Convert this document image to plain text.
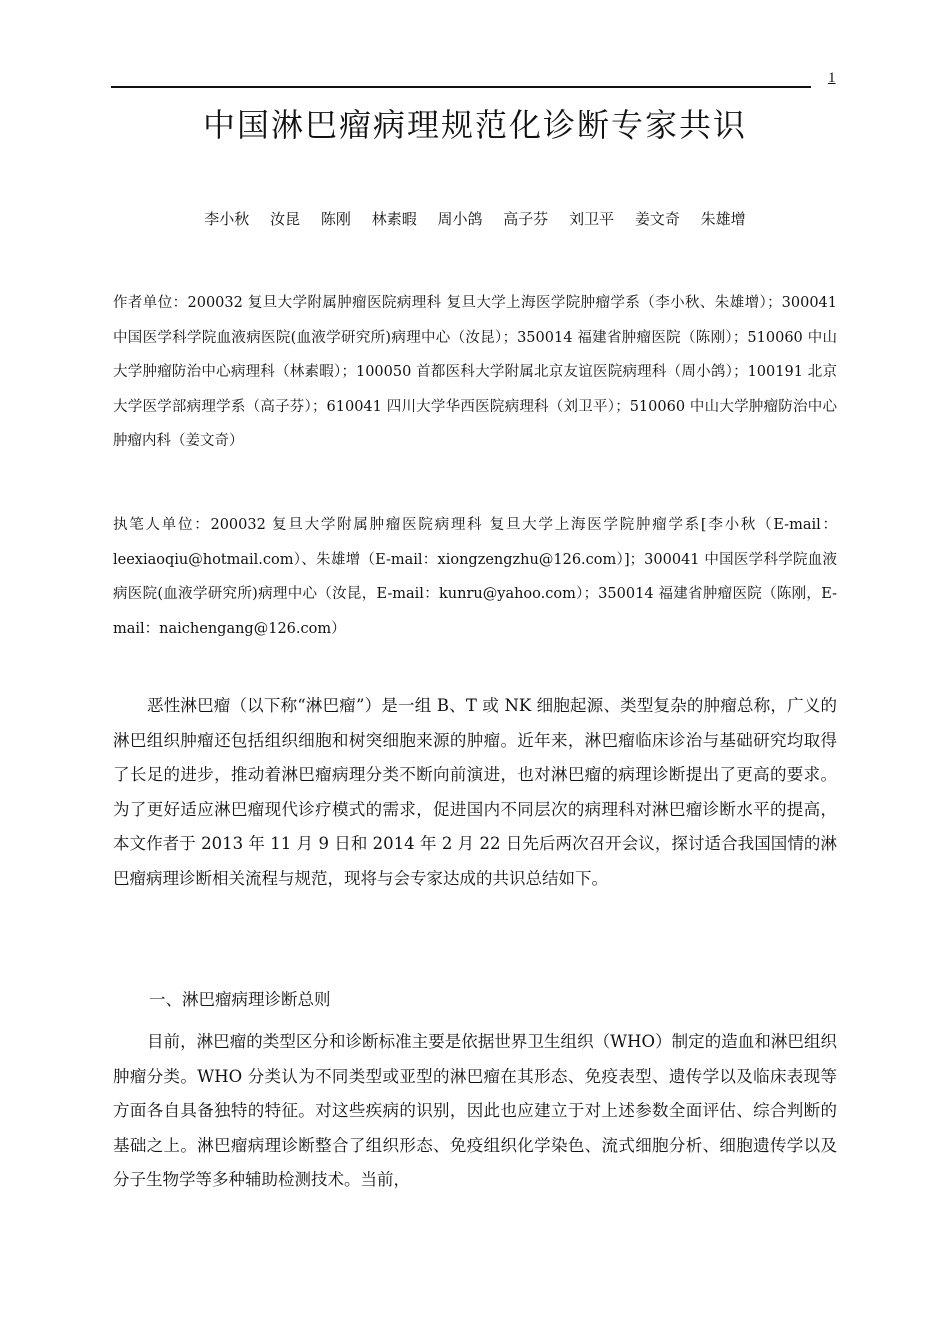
1
中国淋巴瘤病理规范化诊断专家共识
李小秋 汝昆 陈刚 林素暇 周小鸽 高子芬 刘卫平 姜文奇 朱雄增

作者单位：200032 复旦大学附属肿瘤医院病理科 复旦大学上海医学院肿瘤学系（李小秋、朱雄增）；300041 中国医学科学院血液病医院(血液学研究所)病理中心（汝昆）；350014 福建省肿瘤医院（陈刚）；510060 中山大学肿瘤防治中心病理科（林素暇）；100050 首都医科大学附属北京友谊医院病理科（周小鸽）；100191 北京大学医学部病理学系（高子芬）；610041 四川大学华西医院病理科（刘卫平）；510060 中山大学肿瘤防治中心肿瘤内科（姜文奇）

执笔人单位：200032 复旦大学附属肿瘤医院病理科 复旦大学上海医学院肿瘤学系[李小秋（E-mail：leexiaoqiu@hotmail.com）、朱雄增（E-mail：xiongzengzhu@126.com）]；300041 中国医学科学院血液病医院(血液学研究所)病理中心（汝昆，E-mail：kunru@yahoo.com）；350014 福建省肿瘤医院（陈刚，E-mail：naichengang@126.com）

恶性淋巴瘤（以下称“淋巴瘤”）是一组 B、T 或 NK 细胞起源、类型复杂的肿瘤总称，广义的淋巴组织肿瘤还包括组织细胞和树突细胞来源的肿瘤。近年来，淋巴瘤临床诊治与基础研究均取得了长足的进步，推动着淋巴瘤病理分类不断向前演进，也对淋巴瘤的病理诊断提出了更高的要求。为了更好适应淋巴瘤现代诊疗模式的需求，促进国内不同层次的病理科对淋巴瘤诊断水平的提高，本文作者于 2013 年 11 月 9 日和 2014 年 2 月 22 日先后两次召开会议，探讨适合我国国情的淋巴瘤病理诊断相关流程与规范，现将与会专家达成的共识总结如下。

一、淋巴瘤病理诊断总则

目前，淋巴瘤的类型区分和诊断标准主要是依据世界卫生组织（WHO）制定的造血和淋巴组织肿瘤分类。WHO 分类认为不同类型或亚型的淋巴瘤在其形态、免疫表型、遗传学以及临床表现等方面各自具备独特的特征。对这些疾病的识别，因此也应建立于对上述参数全面评估、综合判断的基础之上。淋巴瘤病理诊断整合了组织形态、免疫组织化学染色、流式细胞分析、细胞遗传学以及分子生物学等多种辅助检测技术。当前，
